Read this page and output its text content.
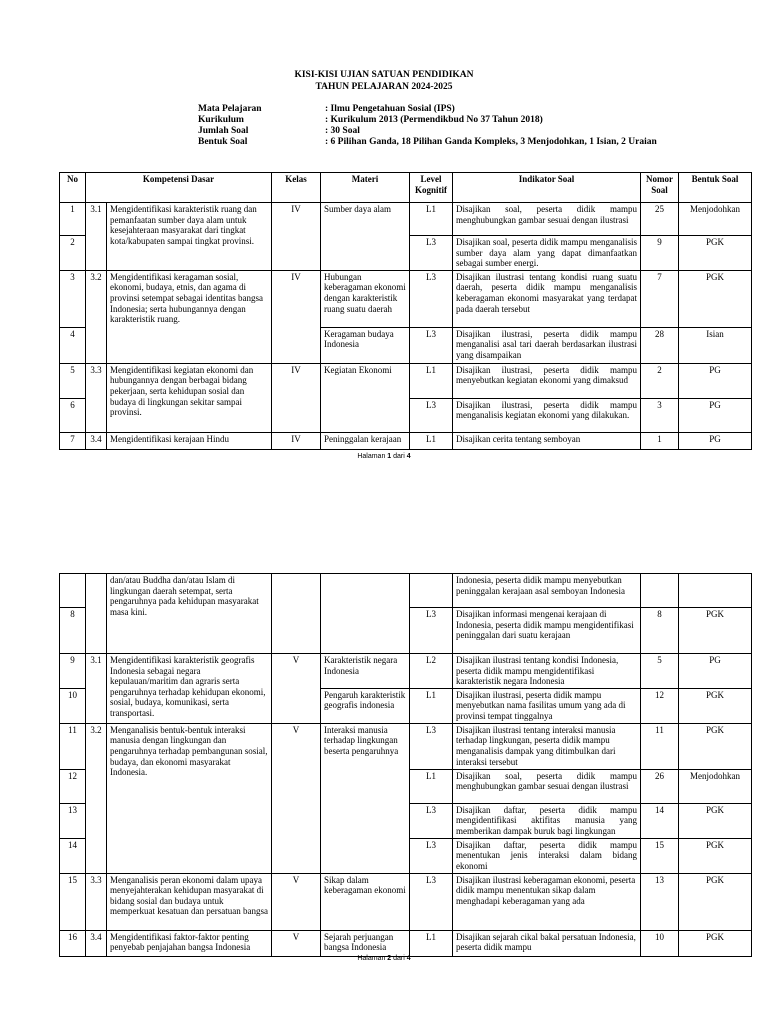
KISI-KISI UJIAN SATUAN PENDIDIKAN
TAHUN PELAJARAN 2024-2025
Mata Pelajaran	: Ilmu Pengetahuan Sosial (IPS)
Kurikulum	: Kurikulum 2013 (Permendikbud No 37 Tahun 2018)
Jumlah Soal	: 30 Soal
Bentuk Soal	: 6 Pilihan Ganda, 18 Pilihan Ganda Kompleks, 3 Menjodohkan, 1 Isian, 2 Uraian
No	Kompetensi Dasar		Kelas	Materi	Level Kognitif	Indikator Soal	Nomor Soal	Bentuk Soal
1	3.1	Mengidentifikasi karakteristik ruang dan pemanfaatan sumber daya alam untuk kesejahteraan masyarakat dari tingkat kota/kabupaten sampai tingkat provinsi.	IV	Sumber daya alam	L1	Disajikan soal, peserta didik mampu menghubungkan gambar sesuai dengan ilustrasi	25	Menjodohkan
2					L3	Disajikan soal, peserta didik mampu menganalisis sumber daya alam yang dapat dimanfaatkan sebagai sumber energi.	9	PGK
3	3.2	Mengidentifikasi keragaman sosial, ekonomi, budaya, etnis, dan agama di provinsi setempat sebagai identitas bangsa Indonesia; serta hubungannya dengan karakteristik ruang.	IV	Hubungan keberagaman ekonomi dengan karakteristik ruang suatu daerah	L3	Disajikan ilustrasi tentang kondisi ruang suatu daerah, peserta didik mampu menganalisis keberagaman ekonomi masyarakat yang terdapat pada daerah tersebut	7	PGK
4				Keragaman budaya Indonesia	L3	Disajikan ilustrasi, peserta didik mampu menganalisi asal tari daerah berdasarkan ilustrasi yang disampaikan	28	Isian
5	3.3	Mengidentifikasi kegiatan ekonomi dan hubungannya dengan berbagai bidang pekerjaan, serta kehidupan sosial dan budaya di lingkungan sekitar sampai provinsi.	IV	Kegiatan Ekonomi	L1	Disajikan ilustrasi, peserta didik mampu menyebutkan kegiatan ekonomi yang dimaksud	2	PG
6					L3	Disajikan ilustrasi, peserta didik mampu menganalisis kegiatan ekonomi yang dilakukan.	3	PG
7	3.4	Mengidentifikasi kerajaan Hindu	IV	Peninggalan kerajaan	L1	Disajikan cerita tentang semboyan	1	PG
Halaman 1 dari 4
		dan/atau Buddha dan/atau Islam di lingkungan daerah setempat, serta pengaruhnya pada kehidupan masyarakat masa kini.				Indonesia, peserta didik mampu menyebutkan peninggalan kerajaan asal semboyan Indonesia		
8					L3	Disajikan informasi mengenai kerajaan di Indonesia, peserta didik mampu mengidentifikasi peninggalan dari suatu kerajaan	8	PGK
9	3.1	Mengidentifikasi karakteristik geografis Indonesia sebagai negara kepulauan/maritim dan agraris serta pengaruhnya terhadap kehidupan ekonomi, sosial, budaya, komunikasi, serta transportasi.	V	Karakteristik negara Indonesia	L2	Disajikan ilustrasi tentang kondisi Indonesia, peserta didik mampu mengidentifikasi karakteristik negara Indonesia	5	PG
10				Pengaruh karakteristik geografis indonesia	L1	Disajikan ilustrasi, peserta didik mampu menyebutkan nama fasilitas umum yang ada di provinsi tempat tinggalnya	12	PGK
11	3.2	Menganalisis bentuk-bentuk interaksi manusia dengan lingkungan dan pengaruhnya terhadap pembangunan sosial, budaya, dan ekonomi masyarakat Indonesia.	V	Interaksi manusia terhadap lingkungan beserta pengaruhnya	L3	Disajikan ilustrasi tentang interaksi manusia terhadap lingkungan, peserta didik mampu menganalisis dampak yang ditimbulkan dari interaksi tersebut	11	PGK
12					L1	Disajikan soal, peserta didik mampu menghubungkan gambar sesuai dengan ilustrasi	26	Menjodohkan
13					L3	Disajikan daftar, peserta didik mampu mengidentifikasi aktifitas manusia yang memberikan dampak buruk bagi lingkungan	14	PGK
14					L3	Disajikan daftar, peserta didik mampu menentukan jenis interaksi dalam bidang ekonomi	15	PGK
15	3.3	Menganalisis peran ekonomi dalam upaya menyejahterakan kehidupan masyarakat di bidang sosial dan budaya untuk memperkuat kesatuan dan persatuan bangsa	V	Sikap dalam keberagaman ekonomi	L3	Disajikan ilustrasi keberagaman ekonomi, peserta didik mampu menentukan sikap dalam menghadapi keberagaman yang ada	13	PGK
16	3.4	Mengidentifikasi faktor-faktor penting penyebab penjajahan bangsa Indonesia	V	Sejarah perjuangan bangsa Indonesia	L1	Disajikan sejarah cikal bakal persatuan Indonesia, peserta didik mampu	10	PGK
Halaman 2 dari 4
